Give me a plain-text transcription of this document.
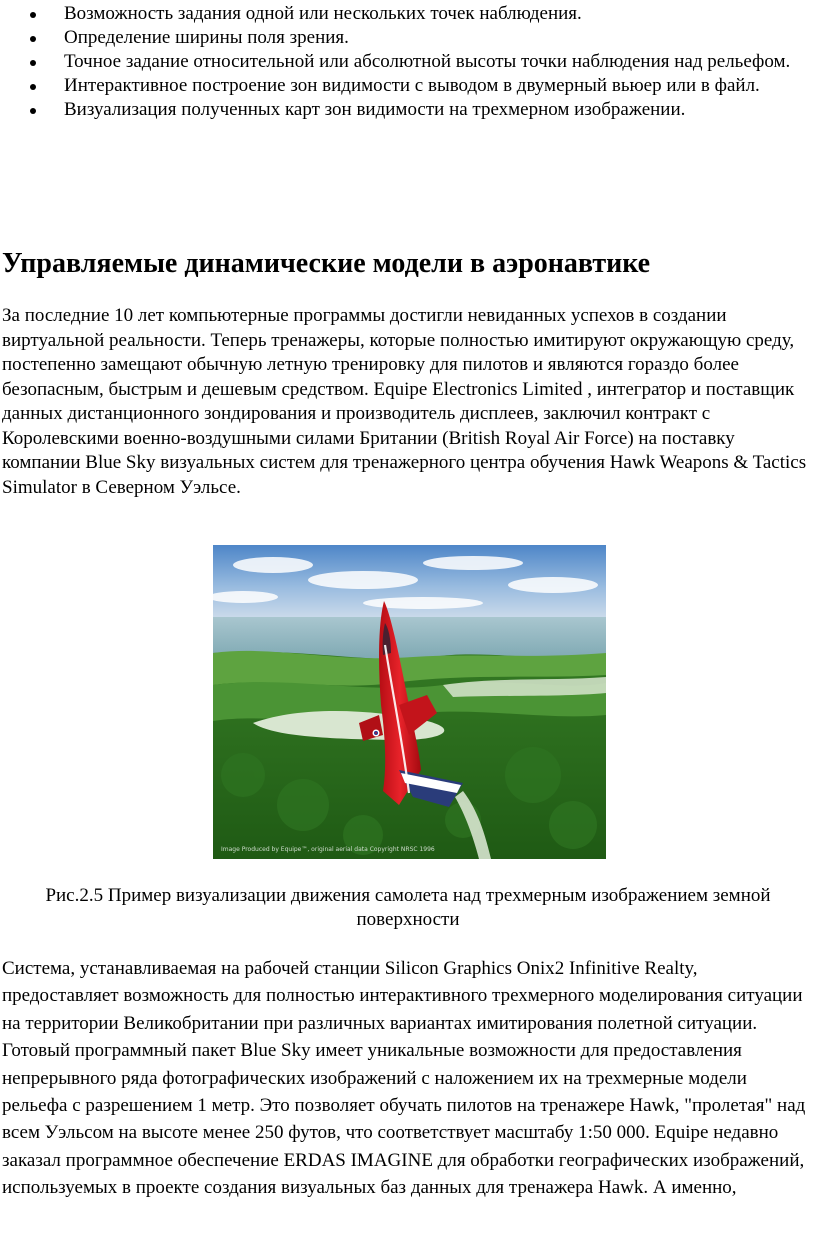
Возможность задания одной или нескольких точек наблюдения.
Определение ширины поля зрения.
Точное задание относительной или абсолютной высоты точки наблюдения над рельефом.
Интерактивное построение зон видимости с выводом в двумерный вьюер или в файл.
Визуализация полученных карт зон видимости на трехмерном изображении.
Управляемые динамические модели в аэронавтике

За последние 10 лет компьютерные программы достигли невиданных успехов в создании виртуальной реальности. Теперь тренажеры, которые полностью имитируют окружающую среду, постепенно замещают обычную летную тренировку для пилотов и являются гораздо более безопасным, быстрым и дешевым средством. Equipe Electronics Limited , интегратор и поставщик данных дистанционного зондирования и производитель дисплеев, заключил контракт с Королевскими военно-воздушными силами Британии (British Royal Air Force) на поставку компании Blue Sky визуальных систем для тренажерного центра обучения Hawk Weapons & Tactics Simulator в Северном Уэльсе.

Image Produced by Equipe™, original aerial data Copyright NRSC 1996

Рис.2.5 Пример визуализации движения самолета над трехмерным изображением земной поверхности

Система, устанавливаемая на рабочей станции Silicon Graphics Onix2 Infinitive Realty, предоставляет возможность для полностью интерактивного трехмерного моделирования ситуации на территории Великобритании при различных вариантах имитирования полетной ситуации. Готовый программный пакет Blue Sky имеет уникальные возможности для предоставления непрерывного ряда фотографических изображений с наложением их на трехмерные модели рельефа с разрешением 1 метр. Это позволяет обучать пилотов на тренажере Hawk, "пролетая" над всем Уэльсом на высоте менее 250 футов, что соответствует масштабу 1:50 000. Equipe недавно заказал программное обеспечение ERDAS IMAGINE для обработки географических изображений, используемых в проекте создания визуальных баз данных для тренажера Hawk. А именно,
